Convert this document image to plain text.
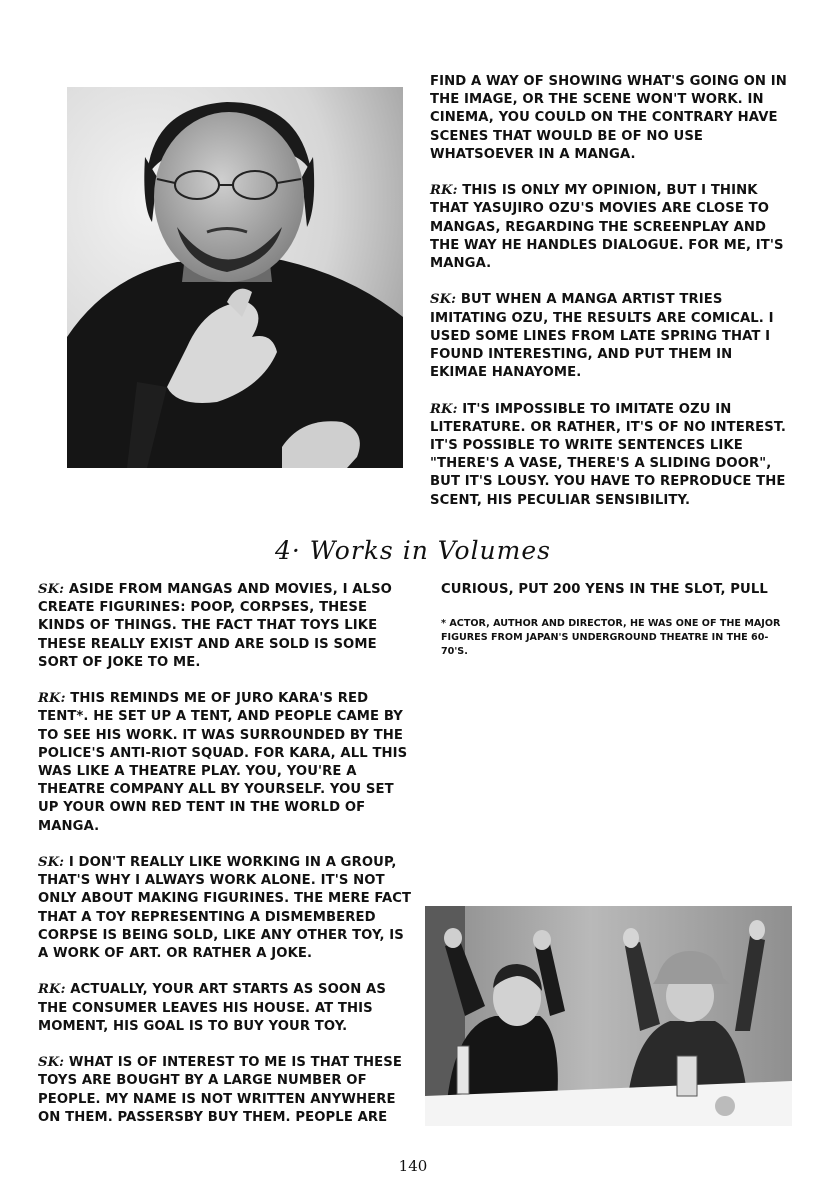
FIND A WAY OF SHOWING WHAT'S GOING ON IN THE IMAGE, OR THE SCENE WON'T WORK. IN CINEMA, YOU COULD ON THE CONTRARY HAVE SCENES THAT WOULD BE OF NO USE WHATSOEVER IN A MANGA.

RK: THIS IS ONLY MY OPINION, BUT I THINK THAT YASUJIRO OZU'S MOVIES ARE CLOSE TO MANGAS, REGARDING THE SCREENPLAY AND THE WAY HE HANDLES DIALOGUE. FOR ME, IT'S MANGA.

SK: BUT WHEN A MANGA ARTIST TRIES IMITATING OZU, THE RESULTS ARE COMICAL. I USED SOME LINES FROM LATE SPRING THAT I FOUND INTERESTING, AND PUT THEM IN EKIMAE HANAYOME.

RK: IT'S IMPOSSIBLE TO IMITATE OZU IN LITERATURE. OR RATHER, IT'S OF NO INTEREST. IT'S POSSIBLE TO WRITE SENTENCES LIKE "THERE'S A VASE, THERE'S A SLIDING DOOR", BUT IT'S LOUSY. YOU HAVE TO REPRODUCE THE SCENT, HIS PECULIAR SENSIBILITY.

4· Works in Volumes

SK: ASIDE FROM MANGAS AND MOVIES, I ALSO CREATE FIGURINES: POOP, CORPSES, THESE KINDS OF THINGS. THE FACT THAT TOYS LIKE THESE REALLY EXIST AND ARE SOLD IS SOME SORT OF JOKE TO ME.

RK: THIS REMINDS ME OF JURO KARA'S RED TENT*. HE SET UP A TENT, AND PEOPLE CAME BY TO SEE HIS WORK. IT WAS SURROUNDED BY THE POLICE'S ANTI-RIOT SQUAD. FOR KARA, ALL THIS WAS LIKE A THEATRE PLAY. YOU, YOU'RE A THEATRE COMPANY ALL BY YOURSELF. YOU SET UP YOUR OWN RED TENT IN THE WORLD OF MANGA.

SK: I DON'T REALLY LIKE WORKING IN A GROUP, THAT'S WHY I ALWAYS WORK ALONE. IT'S NOT ONLY ABOUT MAKING FIGURINES. THE MERE FACT THAT A TOY REPRESENTING A DISMEMBERED CORPSE IS BEING SOLD, LIKE ANY OTHER TOY, IS A WORK OF ART. OR RATHER A JOKE.

RK: ACTUALLY, YOUR ART STARTS AS SOON AS THE CONSUMER LEAVES HIS HOUSE. AT THIS MOMENT, HIS GOAL IS TO BUY YOUR TOY.

SK: WHAT IS OF INTEREST TO ME IS THAT THESE TOYS ARE BOUGHT BY A LARGE NUMBER OF PEOPLE. MY NAME IS NOT WRITTEN ANYWHERE ON THEM. PASSERSBY BUY THEM. PEOPLE ARE

CURIOUS, PUT 200 YENS IN THE SLOT, PULL
* ACTOR, AUTHOR AND DIRECTOR, HE WAS ONE OF THE MAJOR FIGURES FROM JAPAN'S UNDERGROUND THEATRE IN THE 60-70'S.
140
